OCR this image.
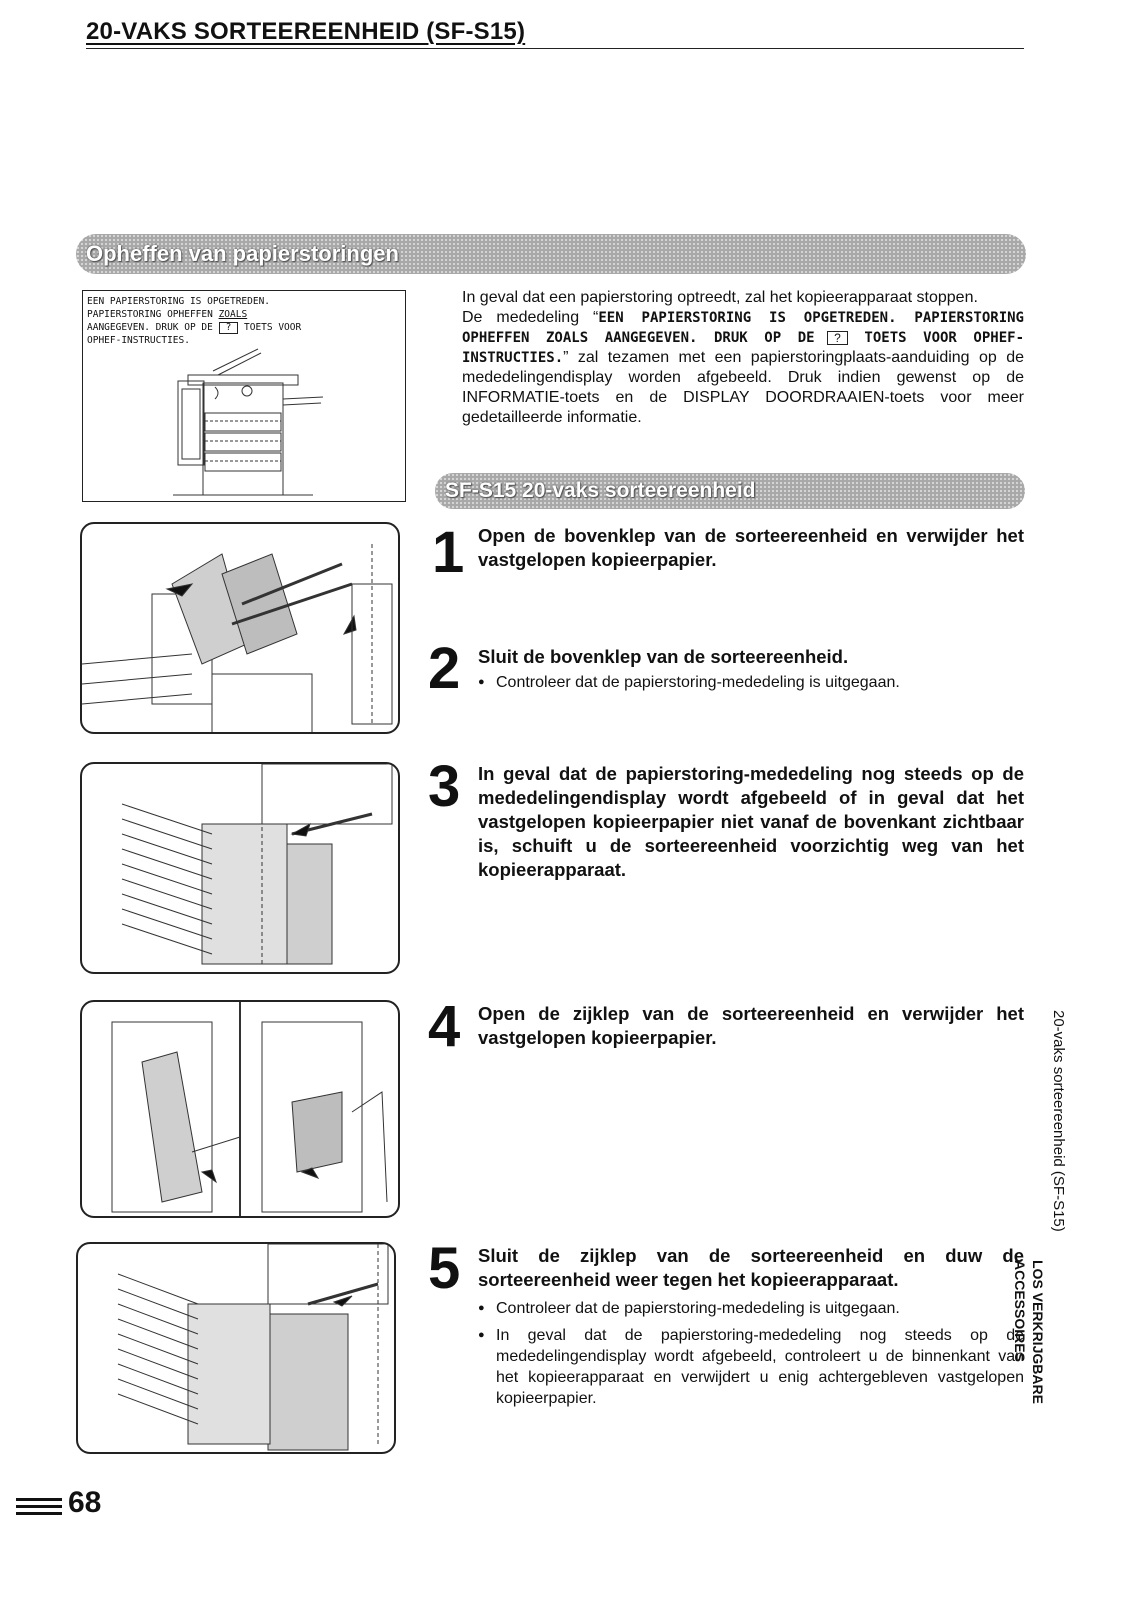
20-VAKS SORTEEREENHEID (SF-S15)
Opheffen van papierstoringen
EEN PAPIERSTORING IS OPGETREDEN.
PAPIERSTORING OPHEFFEN ZOALS
AANGEGEVEN. DRUK OP DE ? TOETS VOOR
OPHEF-INSTRUCTIES.
In geval dat een papierstoring optreedt, zal het kopieerapparaat stoppen.
De mededeling “EEN PAPIERSTORING IS OPGETREDEN. PAPIERSTORING OPHEFFEN ZOALS AANGEGEVEN. DRUK OP DE ? TOETS VOOR OPHEF-INSTRUCTIES.” zal tezamen met een papierstoringplaats-aanduiding op de mededelingendisplay worden afgebeeld. Druk indien gewenst op de INFORMATIE-toets en de DISPLAY DOORDRAAIEN-toets voor meer gedetailleerde informatie.
SF-S15 20-vaks sorteereenheid
1 Open de bovenklep van de sorteereenheid en verwijder het vastgelopen kopieerpapier.
2 Sluit de bovenklep van de sorteereenheid.
● Controleer dat de papierstoring-mededeling is uitgegaan.
3 In geval dat de papierstoring-mededeling nog steeds op de mededelingendisplay wordt afgebeeld of in geval dat het vastgelopen kopieerpapier niet vanaf de bovenkant zichtbaar is, schuift u de sorteereenheid voorzichtig weg van het kopieerapparaat.
4 Open de zijklep van de sorteereenheid en verwijder het vastgelopen kopieerpapier.
5 Sluit de zijklep van de sorteereenheid en duw de sorteereenheid weer tegen het kopieerapparaat.
● Controleer dat de papierstoring-mededeling is uitgegaan.
● In geval dat de papierstoring-mededeling nog steeds op de mededelingendisplay wordt afgebeeld, controleert u de binnenkant van het kopieerapparaat en verwijdert u enig achtergebleven vastgelopen kopieerpapier.
20-vaks sorteereenheid (SF-S15)
LOS VERKRIJGBARE
ACCESSOIRES
68
